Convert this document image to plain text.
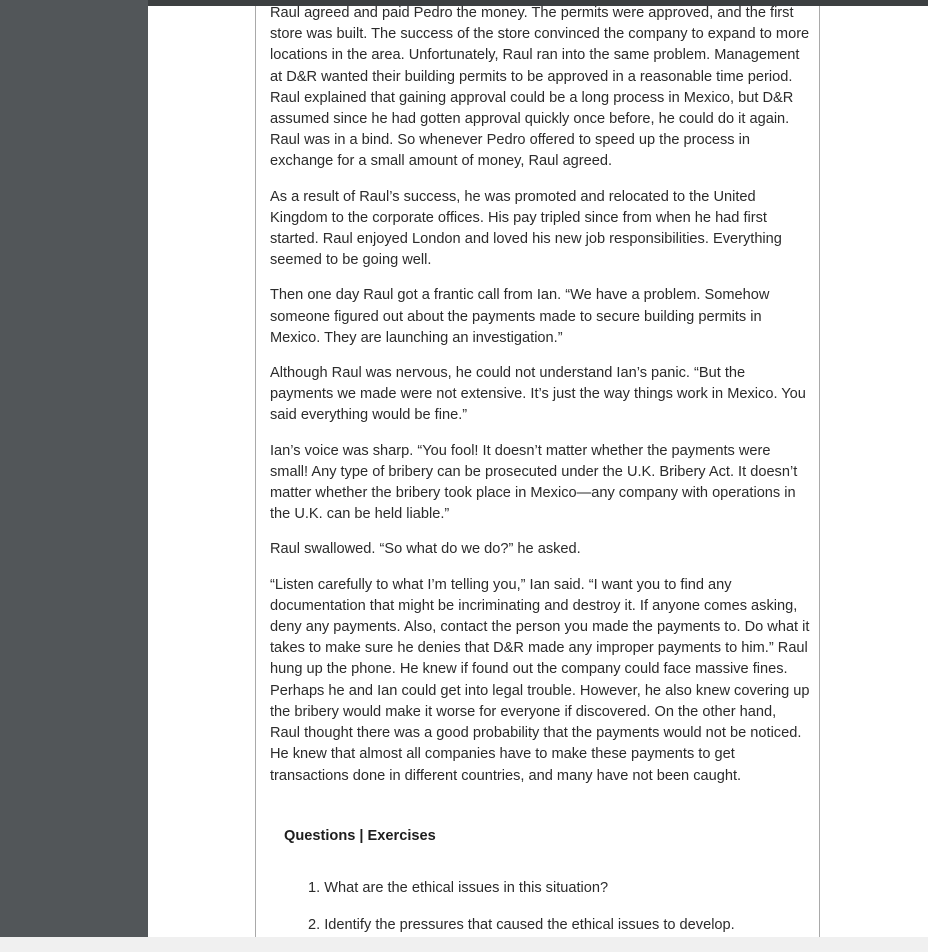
Raul agreed and paid Pedro the money. The permits were approved, and the first store was built. The success of the store convinced the company to expand to more locations in the area. Unfortunately, Raul ran into the same problem. Management at D&R wanted their building permits to be approved in a reasonable time period. Raul explained that gaining approval could be a long process in Mexico, but D&R assumed since he had gotten approval quickly once before, he could do it again. Raul was in a bind. So whenever Pedro offered to speed up the process in exchange for a small amount of money, Raul agreed.

As a result of Raul’s success, he was promoted and relocated to the United Kingdom to the corporate offices. His pay tripled since from when he had first started. Raul enjoyed London and loved his new job responsibilities. Everything seemed to be going well.

Then one day Raul got a frantic call from Ian. “We have a problem. Somehow someone figured out about the payments made to secure building permits in Mexico. They are launching an investigation.”

Although Raul was nervous, he could not understand Ian’s panic. “But the payments we made were not extensive. It’s just the way things work in Mexico. You said everything would be fine.”

Ian’s voice was sharp. “You fool! It doesn’t matter whether the payments were small! Any type of bribery can be prosecuted under the U.K. Bribery Act. It doesn’t matter whether the bribery took place in Mexico—any company with operations in the U.K. can be held liable.”

Raul swallowed. “So what do we do?” he asked.

“Listen carefully to what I’m telling you,” Ian said. “I want you to find any documentation that might be incriminating and destroy it. If anyone comes asking, deny any payments. Also, contact the person you made the payments to. Do what it takes to make sure he denies that D&R made any improper payments to him.” Raul hung up the phone. He knew if found out the company could face massive fines. Perhaps he and Ian could get into legal trouble. However, he also knew covering up the bribery would make it worse for everyone if discovered. On the other hand, Raul thought there was a good probability that the payments would not be noticed. He knew that almost all companies have to make these payments to get transactions done in different countries, and many have not been caught.

Questions | Exercises
1. What are the ethical issues in this situation?
2. Identify the pressures that caused the ethical issues to develop.
